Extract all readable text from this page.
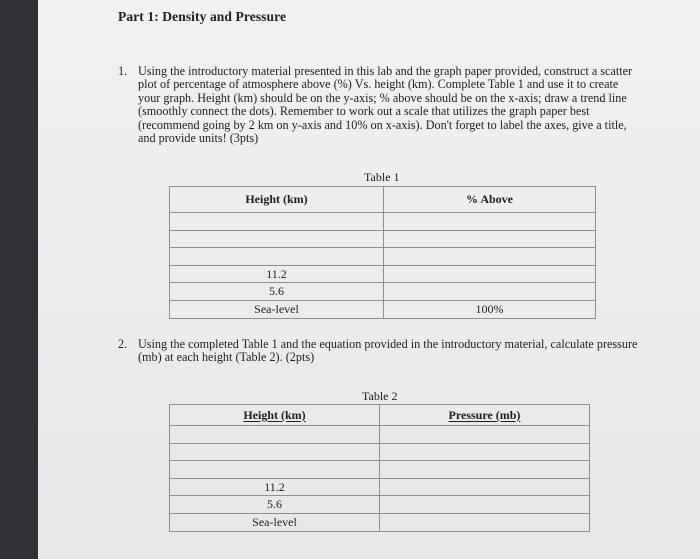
Part 1: Density and Pressure
1. Using the introductory material presented in this lab and the graph paper provided, construct a scatter
plot of percentage of atmosphere above (%) Vs. height (km). Complete Table 1 and use it to create
your graph. Height (km) should be on the y-axis; % above should be on the x-axis; draw a trend line
(smoothly connect the dots). Remember to work out a scale that utilizes the graph paper best
(recommend going by 2 km on y-axis and 10% on x-axis). Don't forget to label the axes, give a title,
and provide units! (3pts)
Table 1
Height (km)	% Above

11.2	
5.6	
Sea-level	100%
2. Using the completed Table 1 and the equation provided in the introductory material, calculate pressure
(mb) at each height (Table 2). (2pts)
Table 2
Height (km)	Pressure (mb)

11.2	
5.6	
Sea-level	
